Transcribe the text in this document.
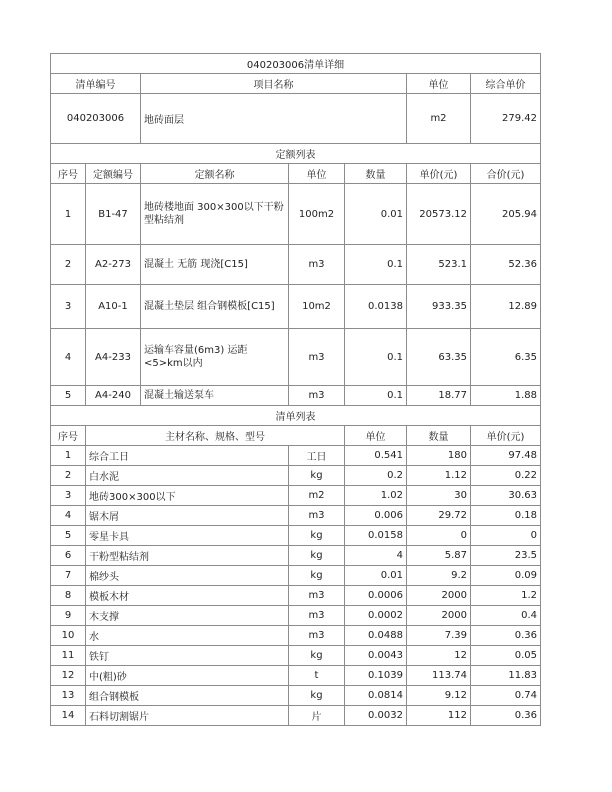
040203006清单详细							
清单编号		项目名称			单位	综合单价	
040203006		地砖面层			m2	279.42	
定额列表							
序号	定额编号	定额名称	单位	数量	单价(元)	合价(元)	
1	B1-47	地砖楼地面 300×300以下干粉型粘结剂	100m2	0.01	20573.12	205.94	
2	A2-273	混凝土 无筋 现浇[C15]	m3	0.1	523.1	52.36	
3	A10-1	混凝土垫层 组合钢模板[C15]	10m2	0.0138	933.35	12.89	
4	A4-233	运输车容量(6m3) 运距<5>km以内	m3	0.1	63.35	6.35	
5	A4-240	混凝土输送泵车	m3	0.1	18.77	1.88	
清单列表							
序号	主材名称、规格、型号			单位	数量	单价(元)	
1	综合工日		工日	0.541	180	97.48	
2	白水泥		kg	0.2	1.12	0.22	
3	地砖300×300以下		m2	1.02	30	30.63	
4	锯木屑		m3	0.006	29.72	0.18	
5	零星卡具		kg	0.0158	0	0	
6	干粉型粘结剂		kg	4	5.87	23.5	
7	棉纱头		kg	0.01	9.2	0.09	
8	模板木材		m3	0.0006	2000	1.2	
9	木支撑		m3	0.0002	2000	0.4	
10	水		m3	0.0488	7.39	0.36	
11	铁钉		kg	0.0043	12	0.05	
12	中(粗)砂		t	0.1039	113.74	11.83	
13	组合钢模板		kg	0.0814	9.12	0.74	
14	石料切割锯片		片	0.0032	112	0.36	
